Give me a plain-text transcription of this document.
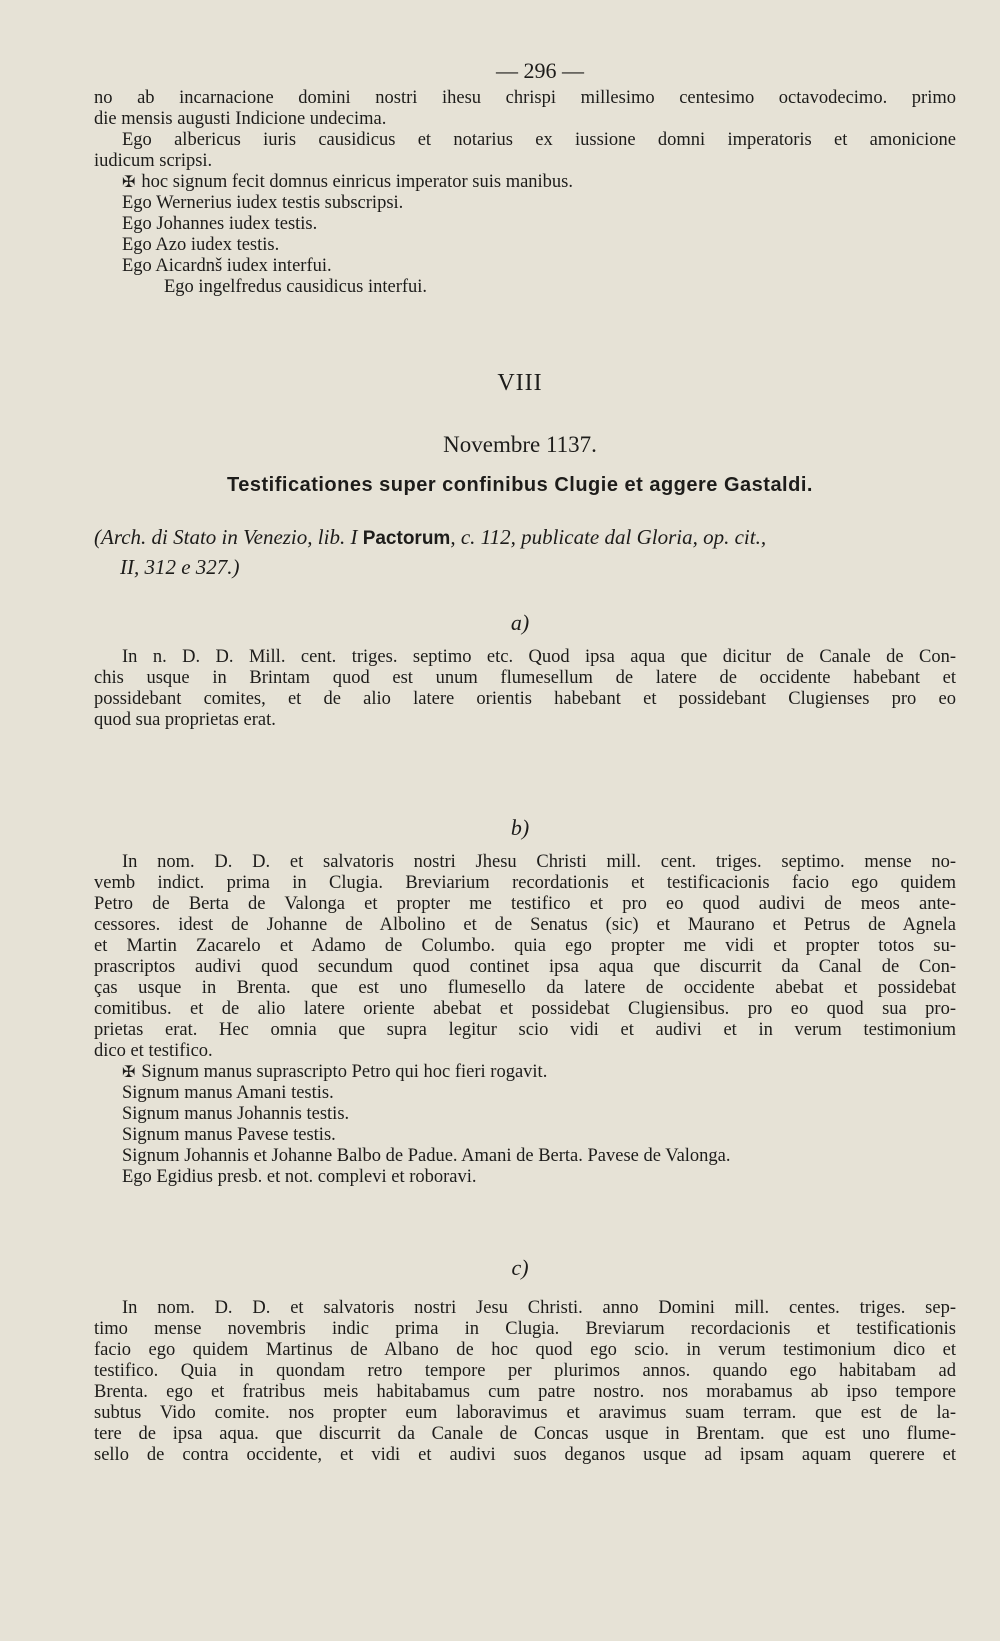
— 296 —
no ab incarnacione domini nostri ihesu chrispi millesimo centesimo octavodecimo. primo
die mensis augusti Indicione undecima.
Ego albericus iuris causidicus et notarius ex iussione domni imperatoris et amonicione
iudicum scripsi.
✠ hoc signum fecit domnus einricus imperator suis manibus.
Ego Wernerius iudex testis subscripsi.
Ego Johannes iudex testis.
Ego Azo iudex testis.
Ego Aicardnš iudex interfui.
Ego ingelfredus causidicus interfui.
VIII
Novembre 1137.
Testificationes super confinibus Clugie et aggere Gastaldi.
(Arch. di Stato in Venezio, lib. I Pactorum, c. 112, publicate dal Gloria, op. cit.,
II, 312 e 327.)
a)
In n. D. D. Mill. cent. triges. septimo etc. Quod ipsa aqua que dicitur de Canale de Con-
chis usque in Brintam quod est unum flumesellum de latere de occidente habebant et
possidebant comites, et de alio latere orientis habebant et possidebant Clugienses pro eo
quod sua proprietas erat.
b)
In nom. D. D. et salvatoris nostri Jhesu Christi mill. cent. triges. septimo. mense no-
vemb indict. prima in Clugia. Breviarium recordationis et testificacionis facio ego quidem
Petro de Berta de Valonga et propter me testifico et pro eo quod audivi de meos ante-
cessores. idest de Johanne de Albolino et de Senatus (sic) et Maurano et Petrus de Agnela
et Martin Zacarelo et Adamo de Columbo. quia ego propter me vidi et propter totos su-
prascriptos audivi quod secundum quod continet ipsa aqua que discurrit da Canal de Con-
ças usque in Brenta. que est uno flumesello da latere de occidente abebat et possidebat
comitibus. et de alio latere oriente abebat et possidebat Clugiensibus. pro eo quod sua pro-
prietas erat. Hec omnia que supra legitur scio vidi et audivi et in verum testimonium
dico et testifico.
✠ Signum manus suprascripto Petro qui hoc fieri rogavit.
Signum manus Amani testis.
Signum manus Johannis testis.
Signum manus Pavese testis.
Signum Johannis et Johanne Balbo de Padue. Amani de Berta. Pavese de Valonga.
Ego Egidius presb. et not. complevi et roboravi.
c)
In nom. D. D. et salvatoris nostri Jesu Christi. anno Domini mill. centes. triges. sep-
timo mense novembris indic prima in Clugia. Breviarum recordacionis et testificationis
facio ego quidem Martinus de Albano de hoc quod ego scio. in verum testimonium dico et
testifico. Quia in quondam retro tempore per plurimos annos. quando ego habitabam ad
Brenta. ego et fratribus meis habitabamus cum patre nostro. nos morabamus ab ipso tempore
subtus Vido comite. nos propter eum laboravimus et aravimus suam terram. que est de la-
tere de ipsa aqua. que discurrit da Canale de Concas usque in Brentam. que est uno flume-
sello de contra occidente, et vidi et audivi suos deganos usque ad ipsam aquam querere et
